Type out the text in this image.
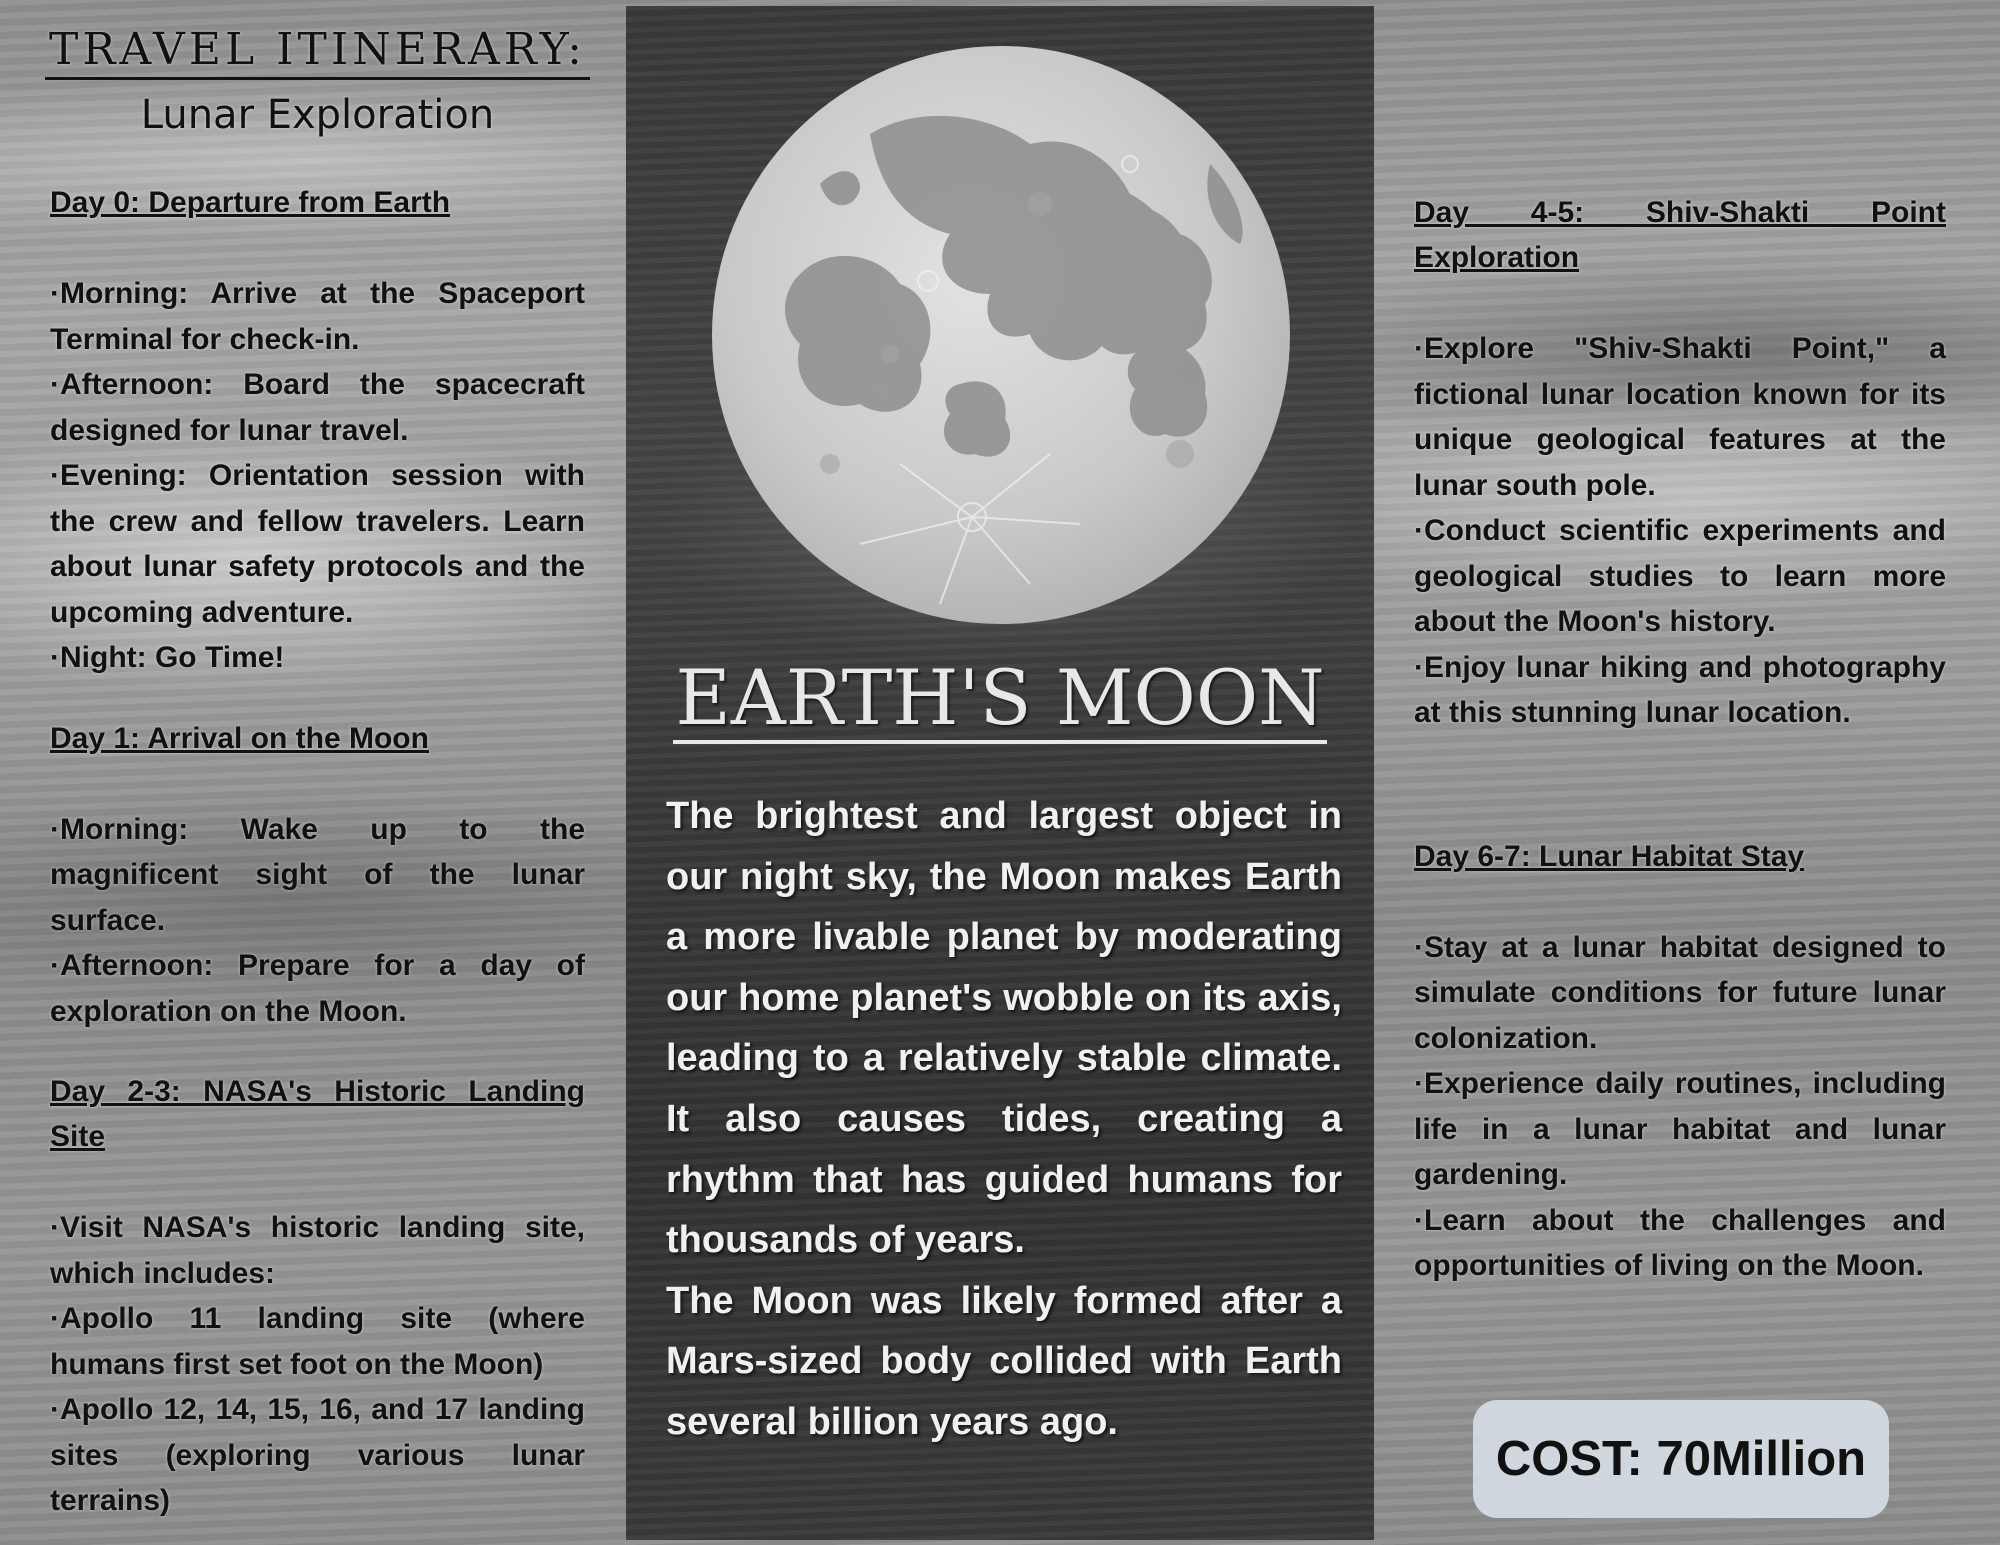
TRAVEL ITINERARY:
Lunar Exploration
Day 0: Departure from Earth
·Morning: Arrive at the Spaceport Terminal for check-in.
·Afternoon: Board the spacecraft designed for lunar travel.
·Evening: Orientation session with the crew and fellow travelers. Learn about lunar safety protocols and the upcoming adventure.
·Night: Go Time!
Day 1: Arrival on the Moon
·Morning: Wake up to the magnificent sight of the lunar surface.
·Afternoon: Prepare for a day of exploration on the Moon.
Day 2-3: NASA's Historic Landing Site
·Visit NASA's historic landing site, which includes:
·Apollo 11 landing site (where humans first set foot on the Moon)
·Apollo 12, 14, 15, 16, and 17 landing sites (exploring various lunar terrains)
EARTH'S MOON

The brightest and largest object in our night sky, the Moon makes Earth a more livable planet by moderating our home planet's wobble on its axis, leading to a relatively stable climate. It also causes tides, creating a rhythm that has guided humans for thousands of years.

The Moon was likely formed after a Mars-sized body collided with Earth several billion years ago.

Day 4-5: Shiv-Shakti Point Exploration
·Explore "Shiv-Shakti Point," a fictional lunar location known for its unique geological features at the lunar south pole.
·Conduct scientific experiments and geological studies to learn more about the Moon's history.
·Enjoy lunar hiking and photography at this stunning lunar location.
Day 6-7: Lunar Habitat Stay
·Stay at a lunar habitat designed to simulate conditions for future lunar colonization.
·Experience daily routines, including life in a lunar habitat and lunar gardening.
·Learn about the challenges and opportunities of living on the Moon.
COST: 70Million
